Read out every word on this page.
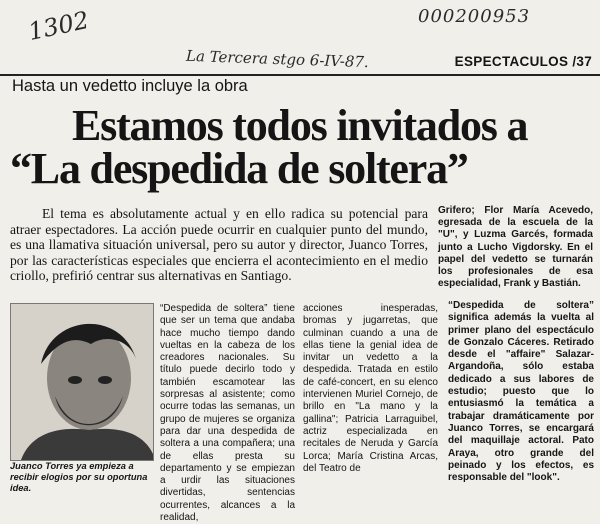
1302	000200953
La Tercera stgo 6-IV-87.	ESPECTACULOS /37
Hasta un vedetto incluye la obra
Estamos todos invitados a
“La despedida de soltera”
El tema es absolutamente actual y en ello radica su potencial para atraer espectadores. La acción puede ocurrir en cualquier punto del mundo, es una llamativa situación universal, pero su autor y director, Juanco Torres, por las características especiales que encierra el acontecimiento en el medio criollo, prefirió centrar sus alternativas en Santiago.
Grifero; Flor María Acevedo, egresada de la escuela de la "U", y Luzma Garcés, formada junto a Lucho Vigdorsky. En el papel del vedetto se turnarán los profesionales de esa especialidad, Frank y Bastián.
Juanco Torres ya empieza a recibir elogios por su oportuna idea.
“Despedida de soltera” tiene que ser un tema que andaba hace mucho tiempo dando vueltas en la cabeza de los creadores nacionales. Su título puede decirlo todo y también escamotear las sorpresas al asistente; como ocurre todas las semanas, un grupo de mujeres se organiza para dar una despedida de soltera a una compañera; una de ellas presta su departamento y se empiezan a urdir las situaciones divertidas, sentencias ocurrentes, alcances a la realidad,
acciones inesperadas, bromas y jugarretas, que culminan cuando a una de ellas tiene la genial idea de invitar un vedetto a la despedida. Tratada en estilo de café-concert, en su elenco intervienen Muriel Cornejo, de brillo en "La mano y la gallina"; Patricia Larraguibel, actriz especializada en recitales de Neruda y García Lorca; María Cristina Arcas, del Teatro de
“Despedida de soltera” significa además la vuelta al primer plano del espectáculo de Gonzalo Cáceres. Retirado desde el "affaire" Salazar-Argandoña, sólo estaba dedicado a sus labores de estudio; puesto que lo entusiasmó la temática a trabajar dramáticamente por Juanco Torres, se encargará del maquillaje actoral. Pato Araya, otro grande del peinado y los efectos, es responsable del "look".
